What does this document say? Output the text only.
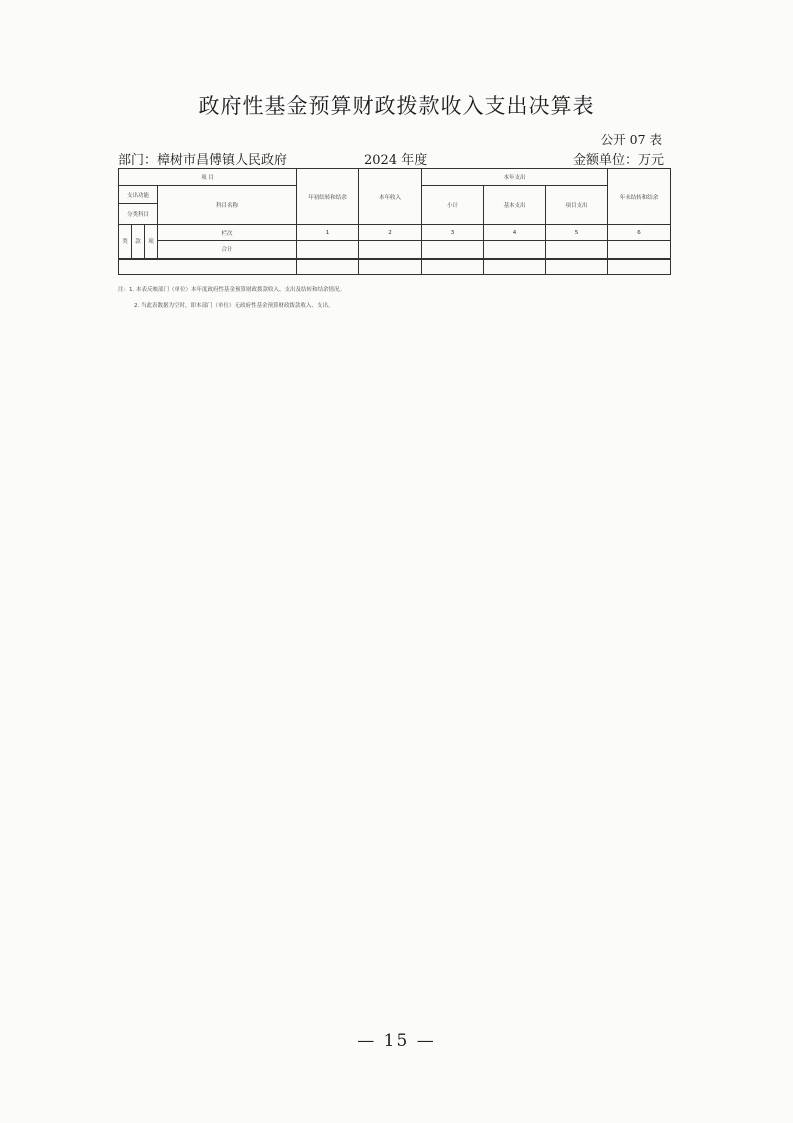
政府性基金预算财政拨款收入支出决算表
公开 07 表
部门：樟树市昌傅镇人民政府	2024 年度	金额单位：万元
项 目				年初结转和结余	本年收入	本年支出			年末结转和结余
支出功能			科目名称			小计	基本支出	项目支出	
分类科目									
类	款	项	栏次	1	2	3	4	5	6
			合计						

注：1. 本表反映部门（单位）本年度政府性基金预算财政拨款收入、支出及结转和结余情况。
2. 当此表数据为空时，即本部门（单位）无政府性基金预算财政拨款收入、支出。
— 15 —
